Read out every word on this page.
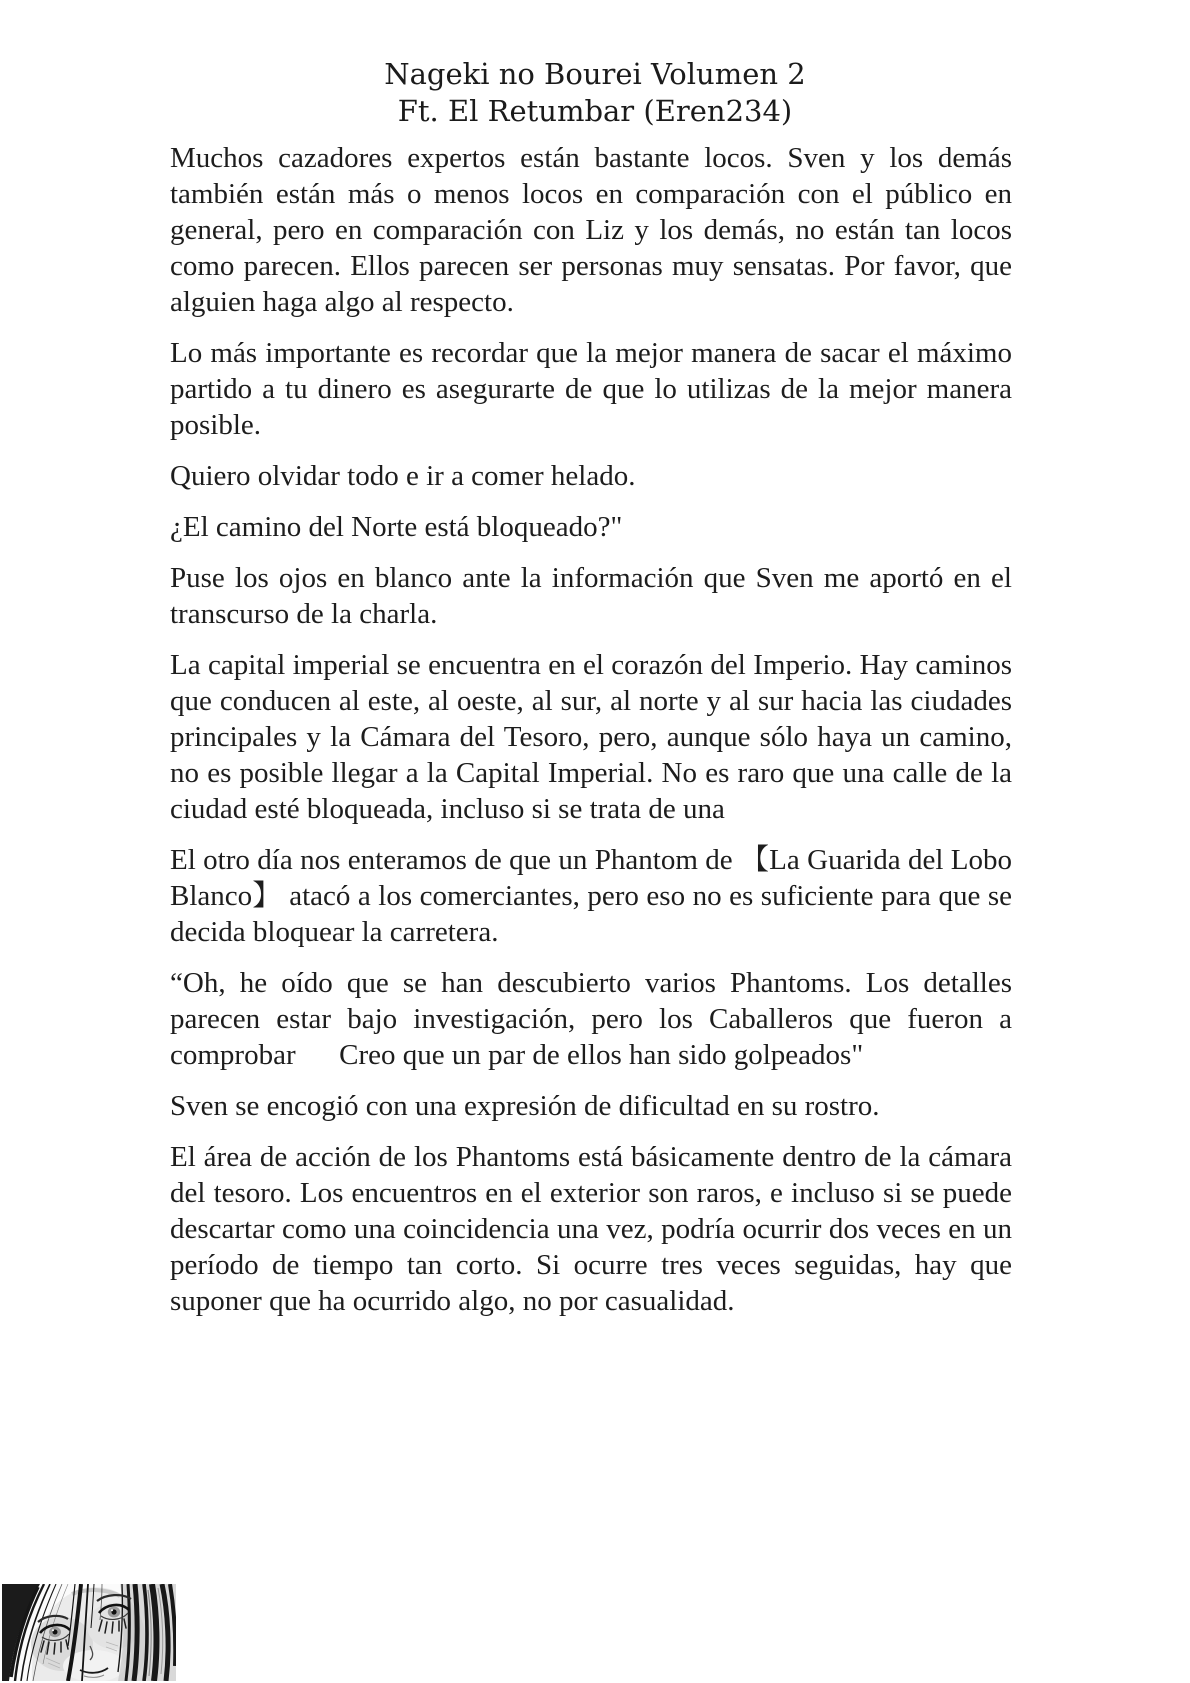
Nageki no Bourei Volumen 2
Ft. El Retumbar (Eren234)

Muchos cazadores expertos están bastante locos. Sven y los demás también están más o menos locos en comparación con el público en general, pero en comparación con Liz y los demás, no están tan locos como parecen. Ellos parecen ser personas muy sensatas. Por favor, que alguien haga algo al respecto.

Lo más importante es recordar que la mejor manera de sacar el máximo partido a tu dinero es asegurarte de que lo utilizas de la mejor manera posible.

Quiero olvidar todo e ir a comer helado.

¿El camino del Norte está bloqueado?"

Puse los ojos en blanco ante la información que Sven me aportó en el transcurso de la charla.

La capital imperial se encuentra en el corazón del Imperio. Hay caminos que conducen al este, al oeste, al sur, al norte y al sur hacia las ciudades principales y la Cámara del Tesoro, pero, aunque sólo haya un camino, no es posible llegar a la Capital Imperial. No es raro que una calle de la ciudad esté bloqueada, incluso si se trata de una

El otro día nos enteramos de que un Phantom de 【La Guarida del Lobo Blanco】 atacó a los comerciantes, pero eso no es suficiente para que se decida bloquear la carretera.

“Oh, he oído que se han descubierto varios Phantoms. Los detalles parecen estar bajo investigación, pero los Caballeros que fueron a comprobar  Creo que un par de ellos han sido golpeados"

Sven se encogió con una expresión de dificultad en su rostro.

El área de acción de los Phantoms está básicamente dentro de la cámara del tesoro. Los encuentros en el exterior son raros, e incluso si se puede descartar como una coincidencia una vez, podría ocurrir dos veces en un período de tiempo tan corto. Si ocurre tres veces seguidas, hay que suponer que ha ocurrido algo, no por casualidad.
